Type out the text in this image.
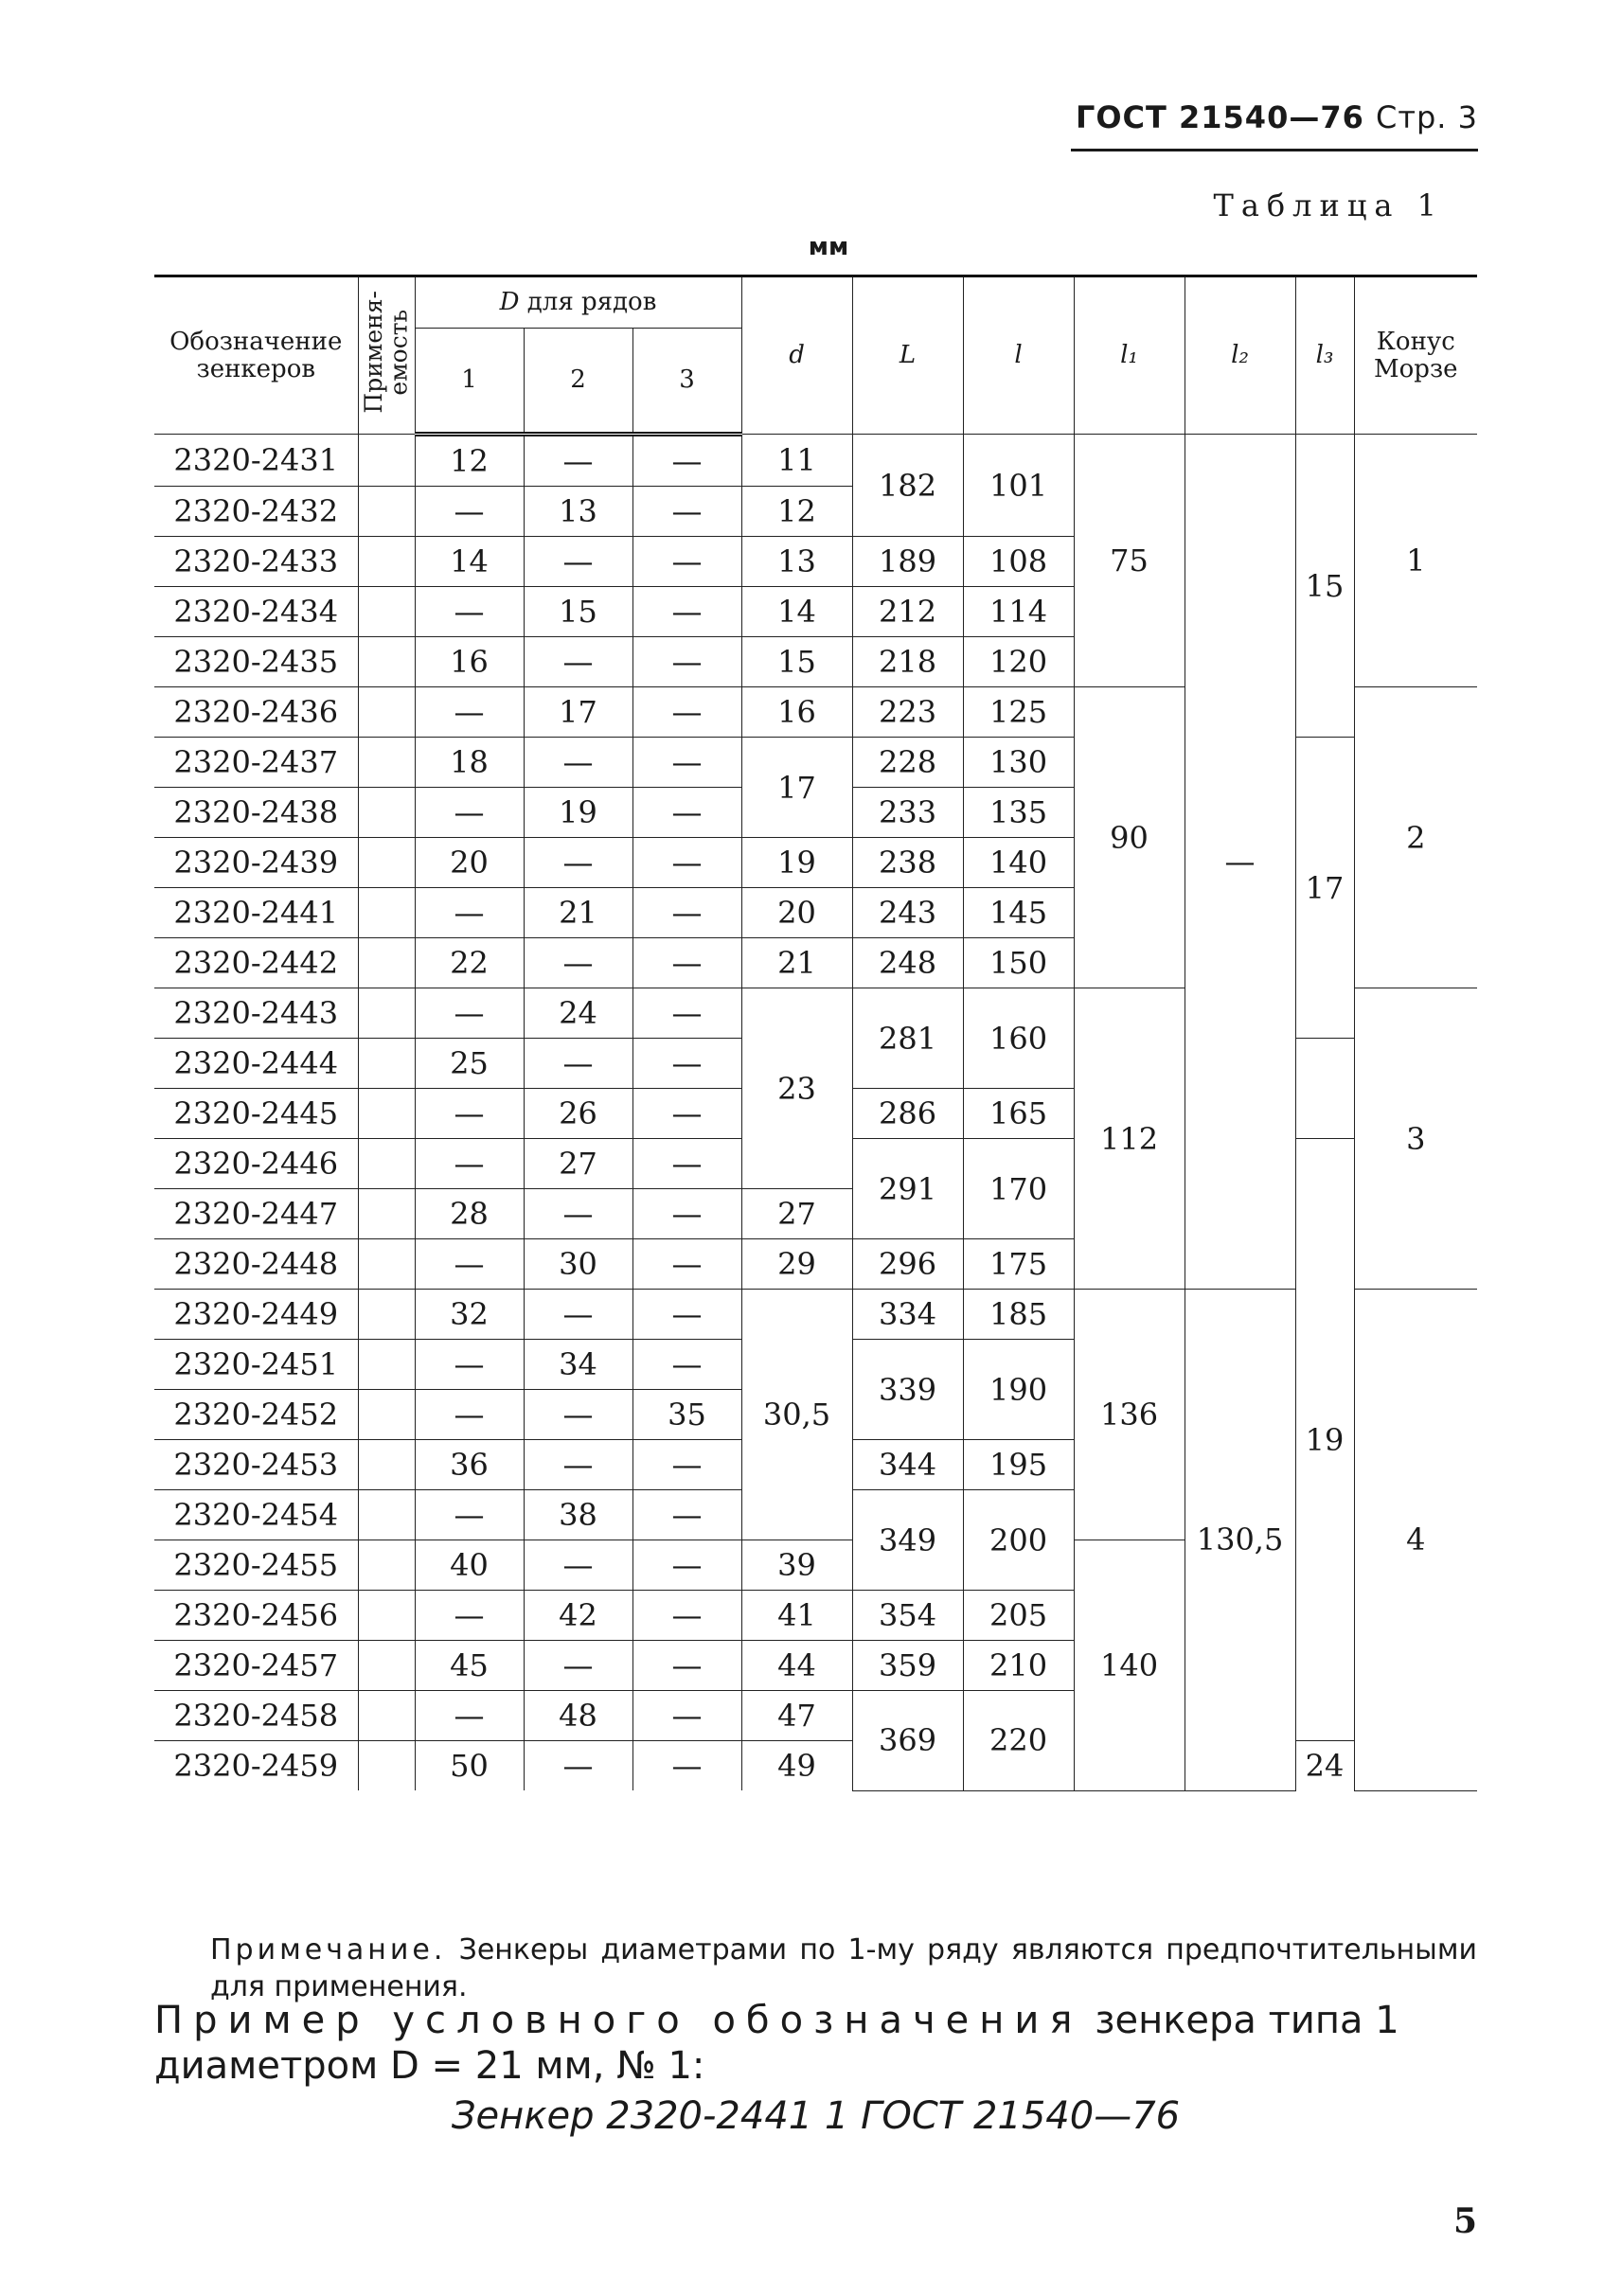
ГОСТ 21540—76 Стр. 3
Таблица 1
мм
Обозначение зенкеров	Применя-
емость	D для рядов			d	L	l	l₁	l₂	l₃	Конус Морзе
		1	2	3							
2320-2431		12	—	—	11	182	101	75	—	15	1
2320-2432		—	13	—	12						
2320-2433		14	—	—	13	189	108				
2320-2434		—	15	—	14	212	114				
2320-2435		16	—	—	15	218	120				
2320-2436		—	17	—	16	223	125	90			2
2320-2437		18	—	—	17	228	130			17	
2320-2438		—	19	—		233	135				
2320-2439		20	—	—	19	238	140				
2320-2441		—	21	—	20	243	145				
2320-2442		22	—	—	21	248	150				
2320-2443		—	24	—	23	281	160	112			3
2320-2444		25	—	—							
2320-2445		—	26	—		286	165				
2320-2446		—	27	—		291	170			19	
2320-2447		28	—	—	27						
2320-2448		—	30	—	29	296	175				
2320-2449		32	—	—	30,5	334	185	136	130,5		4
2320-2451		—	34	—		339	190				
2320-2452		—	—	35							
2320-2453		36	—	—		344	195				
2320-2454		—	38	—		349	200				
2320-2455		40	—	—	39			140			
2320-2456		—	42	—	41	354	205				
2320-2457		45	—	—	44	359	210				
2320-2458		—	48	—	47	369	220				
2320-2459		50	—	—	49					24	
Примечание. Зенкеры диаметрами по 1-му ряду являются предпочтительными для применения.
Пример условного обозначения зенкера типа 1 диаметром D = 21 мм, № 1:
Зенкер 2320-2441 1 ГОСТ 21540—76
5
